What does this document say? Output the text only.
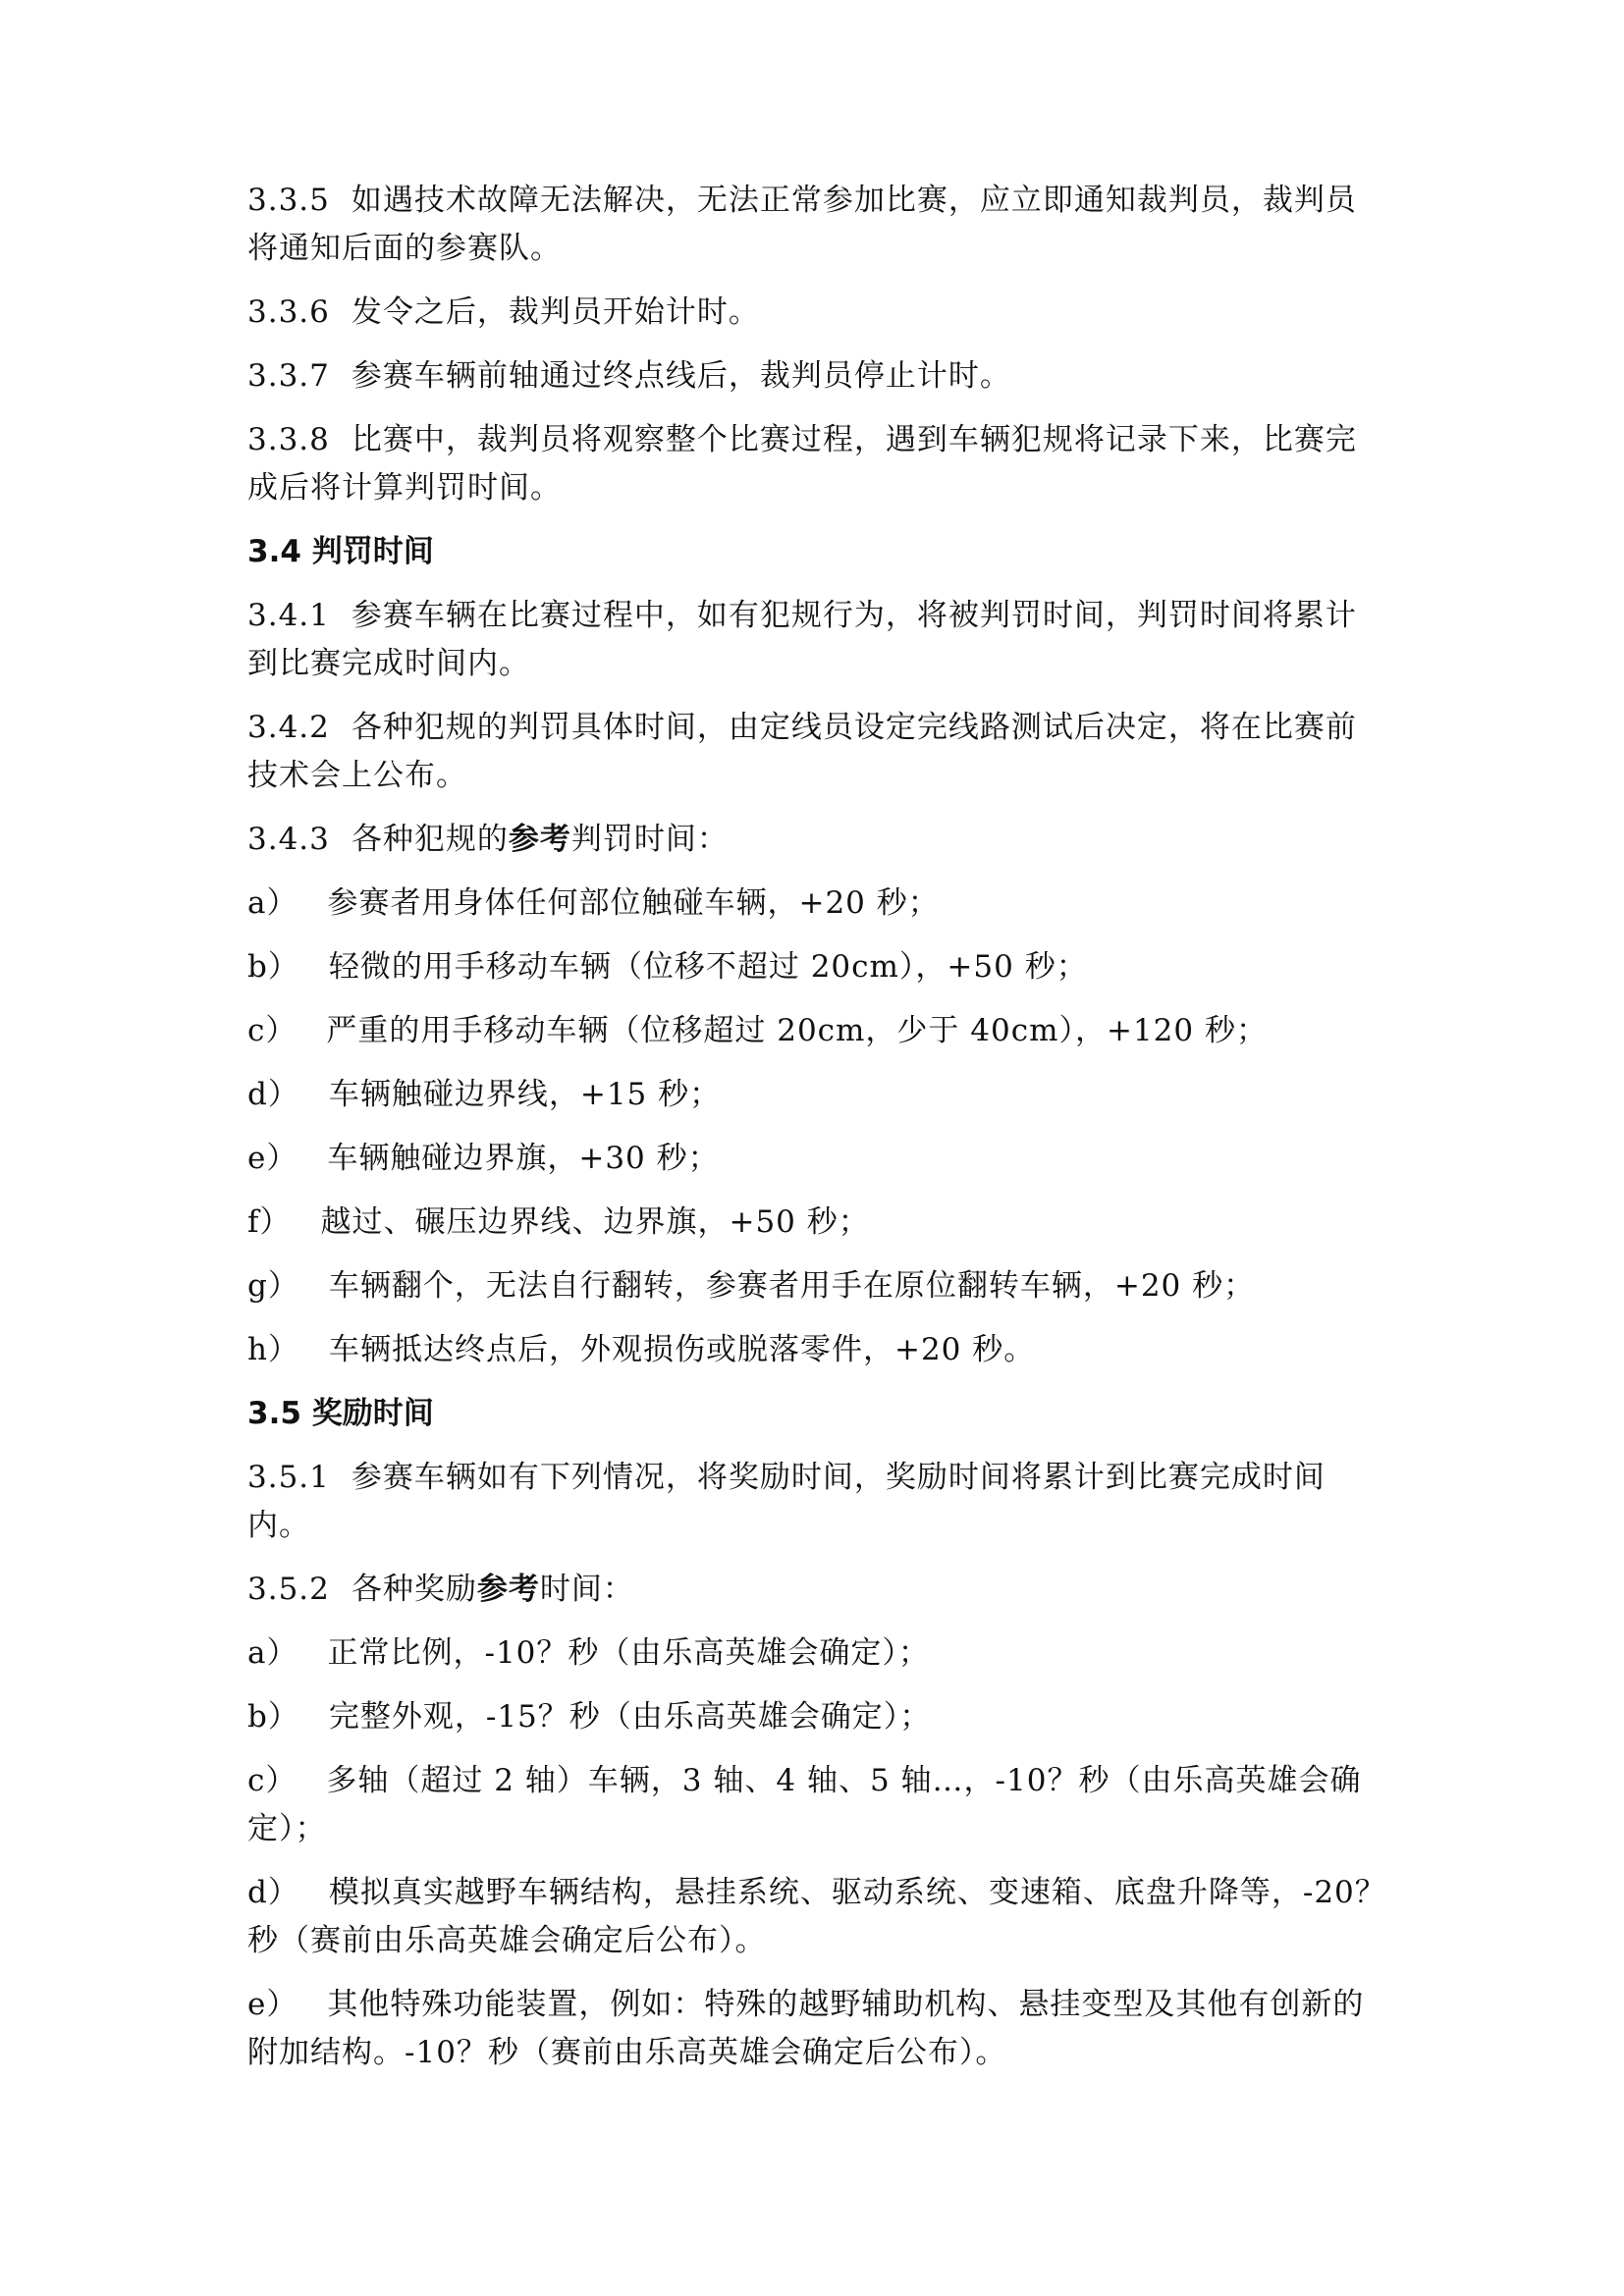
3.3.5 如遇技术故障无法解决，无法正常参加比赛，应立即通知裁判员，裁判员将通知后面的参赛队。

3.3.6 发令之后，裁判员开始计时。

3.3.7 参赛车辆前轴通过终点线后，裁判员停止计时。

3.3.8 比赛中，裁判员将观察整个比赛过程，遇到车辆犯规将记录下来，比赛完成后将计算判罚时间。

3.4 判罚时间

3.4.1 参赛车辆在比赛过程中，如有犯规行为，将被判罚时间，判罚时间将累计到比赛完成时间内。

3.4.2 各种犯规的判罚具体时间，由定线员设定完线路测试后决定，将在比赛前技术会上公布。

3.4.3 各种犯规的参考判罚时间：

a） 参赛者用身体任何部位触碰车辆，+20 秒；

b） 轻微的用手移动车辆（位移不超过 20cm），+50 秒；

c） 严重的用手移动车辆（位移超过 20cm，少于 40cm），+120 秒；

d） 车辆触碰边界线，+15 秒；

e） 车辆触碰边界旗，+30 秒；

f） 越过、碾压边界线、边界旗，+50 秒；

g） 车辆翻个，无法自行翻转，参赛者用手在原位翻转车辆，+20 秒；

h） 车辆抵达终点后，外观损伤或脱落零件，+20 秒。

3.5 奖励时间

3.5.1 参赛车辆如有下列情况，将奖励时间，奖励时间将累计到比赛完成时间内。

3.5.2 各种奖励参考时间：

a） 正常比例，-10？秒（由乐高英雄会确定）；

b） 完整外观，-15？秒（由乐高英雄会确定）；

c） 多轴（超过 2 轴）车辆，3 轴、4 轴、5 轴…，-10？秒（由乐高英雄会确定）；

d） 模拟真实越野车辆结构，悬挂系统、驱动系统、变速箱、底盘升降等，-20？秒（赛前由乐高英雄会确定后公布）。

e） 其他特殊功能装置，例如：特殊的越野辅助机构、悬挂变型及其他有创新的附加结构。-10？秒（赛前由乐高英雄会确定后公布）。
